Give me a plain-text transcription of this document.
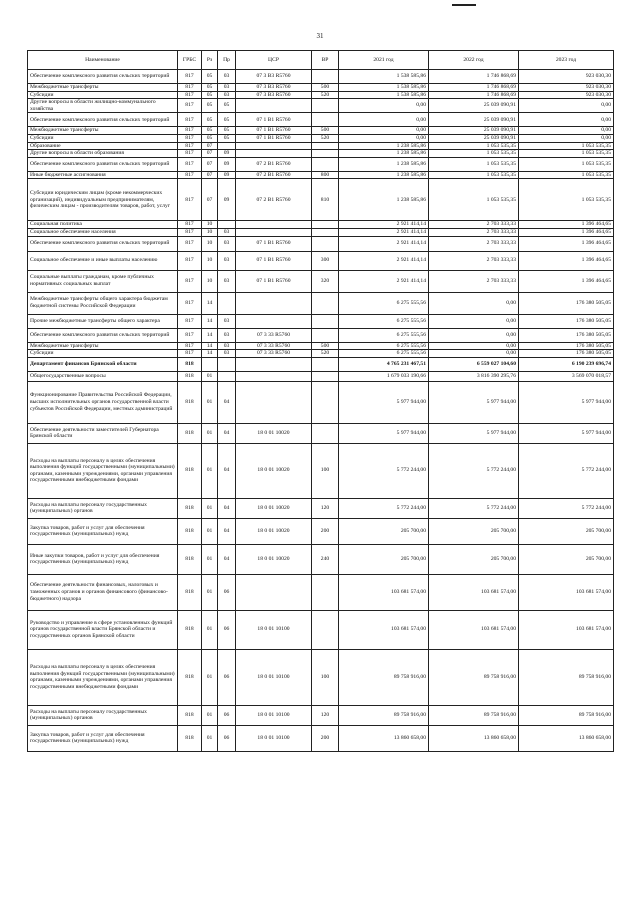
31
Наименование	ГРБС	Рз	Пр	ЦСР	ВР	2021 год	2022 год	2023 год
Обеспечение комплексного развития сельских территорий	817	05	03	07 3 В3 R5760		1 538 585,86	1 746 868,69	923 030,30
Межбюджетные трансферты	817	05	03	07 3 В3 R5760	500	1 538 585,86	1 746 868,69	923 030,30
Субсидии	817	05	03	07 3 В3 R5760	520	1 538 585,86	1 746 868,69	923 030,30
Другие вопросы в области жилищно-коммунального хозяйства	817	05	05			0,00	25 039 090,91	0,00
Обеспечение комплексного развития сельских территорий	817	05	05	07 1 В1 R5760		0,00	25 039 090,91	0,00
Межбюджетные трансферты	817	05	05	07 1 В1 R5760	500	0,00	25 039 090,91	0,00
Субсидии	817	05	05	07 1 В1 R5760	520	0,00	25 039 090,91	0,00
Образование	817	07				1 238 585,86	1 053 535,35	1 053 535,35
Другие вопросы в области образования	817	07	09			1 238 585,86	1 053 535,35	1 053 535,35
Обеспечение комплексного развития сельских территорий	817	07	09	07 2 В1 R5760		1 238 585,86	1 053 535,35	1 053 535,35
Иные бюджетные ассигнования	817	07	09	07 2 В1 R5760	800	1 238 585,86	1 053 535,35	1 053 535,35
Субсидии юридическим лицам (кроме некоммерческих организаций), индивидуальным предпринимателям, физическим лицам - производителям товаров, работ, услуг	817	07	09	07 2 В1 R5760	810	1 238 585,86	1 053 535,35	1 053 535,35
Социальная политика	817	10				2 921 414,14	2 703 333,33	1 396 464,65
Социальное обеспечение населения	817	10	03			2 921 414,14	2 703 333,33	1 396 464,65
Обеспечение комплексного развития сельских территорий	817	10	03	07 1 В1 R5760		2 921 414,14	2 703 333,33	1 396 464,65
Социальное обеспечение и иные выплаты населению	817	10	03	07 1 В1 R5760	300	2 921 414,14	2 703 333,33	1 396 464,65
Социальные выплаты гражданам, кроме публичных нормативных социальных выплат	817	10	03	07 1 В1 R5760	320	2 921 414,14	2 703 333,33	1 396 464,65
Межбюджетные трансферты общего характера бюджетам бюджетной системы Российской Федерации	817	14				6 275 555,56	0,00	176 380 505,05
Прочие межбюджетные трансферты общего характера	817	14	03			6 275 555,56	0,00	176 380 505,05
Обеспечение комплексного развития сельских территорий	817	14	03	07 3 33 R5760		6 275 555,56	0,00	176 380 505,05
Межбюджетные трансферты	817	14	03	07 3 33 R5760	500	6 275 555,56	0,00	176 380 505,05
Субсидии	817	14	03	07 3 33 R5760	520	6 275 555,56	0,00	176 380 505,05
Департамент финансов Брянской области	818					4 765 231 467,51	6 559 027 104,60	6 190 239 696,74
Общегосударственные вопросы	818	01				1 679 033 190,66	3 816 390 295,76	3 569 070 018,57
Функционирование Правительства Российской Федерации, высших исполнительных органов государственной власти субъектов Российской Федерации, местных администраций	818	01	04			5 977 944,00	5 977 944,00	5 977 944,00
Обеспечение деятельности заместителей Губернатора Брянской области	818	01	04	18 0 01 10020		5 977 944,00	5 977 944,00	5 977 944,00
Расходы на выплаты персоналу в целях обеспечения выполнения функций государственными (муниципальными) органами, казенными учреждениями, органами управления государственными внебюджетными фондами	818	01	04	18 0 01 10020	100	5 772 244,00	5 772 244,00	5 772 244,00
Расходы на выплаты персоналу государственных (муниципальных) органов	818	01	04	18 0 01 10020	120	5 772 244,00	5 772 244,00	5 772 244,00
Закупка товаров, работ и услуг для обеспечения государственных (муниципальных) нужд	818	01	04	18 0 01 10020	200	205 700,00	205 700,00	205 700,00
Иные закупки товаров, работ и услуг для обеспечения государственных (муниципальных) нужд	818	01	04	18 0 01 10020	240	205 700,00	205 700,00	205 700,00
Обеспечение деятельности финансовых, налоговых и таможенных органов и органов финансового (финансово-бюджетного) надзора	818	01	06			103 681 574,00	103 681 574,00	103 681 574,00
Руководство и управление в сфере установленных функций органов государственной власти Брянской области и государственных органов Брянской области	818	01	06	18 0 01 10100		103 681 574,00	103 681 574,00	103 681 574,00
Расходы на выплаты персоналу в целях обеспечения выполнения функций государственными (муниципальными) органами, казенными учреждениями, органами управления государственными внебюджетными фондами	818	01	06	18 0 01 10100	100	89 758 916,00	89 758 916,00	89 758 916,00
Расходы на выплаты персоналу государственных (муниципальных) органов	818	01	06	18 0 01 10100	120	89 758 916,00	89 758 916,00	89 758 916,00
Закупка товаров, работ и услуг для обеспечения государственных (муниципальных) нужд	818	01	06	18 0 01 10100	200	13 860 658,00	13 860 658,00	13 860 658,00
